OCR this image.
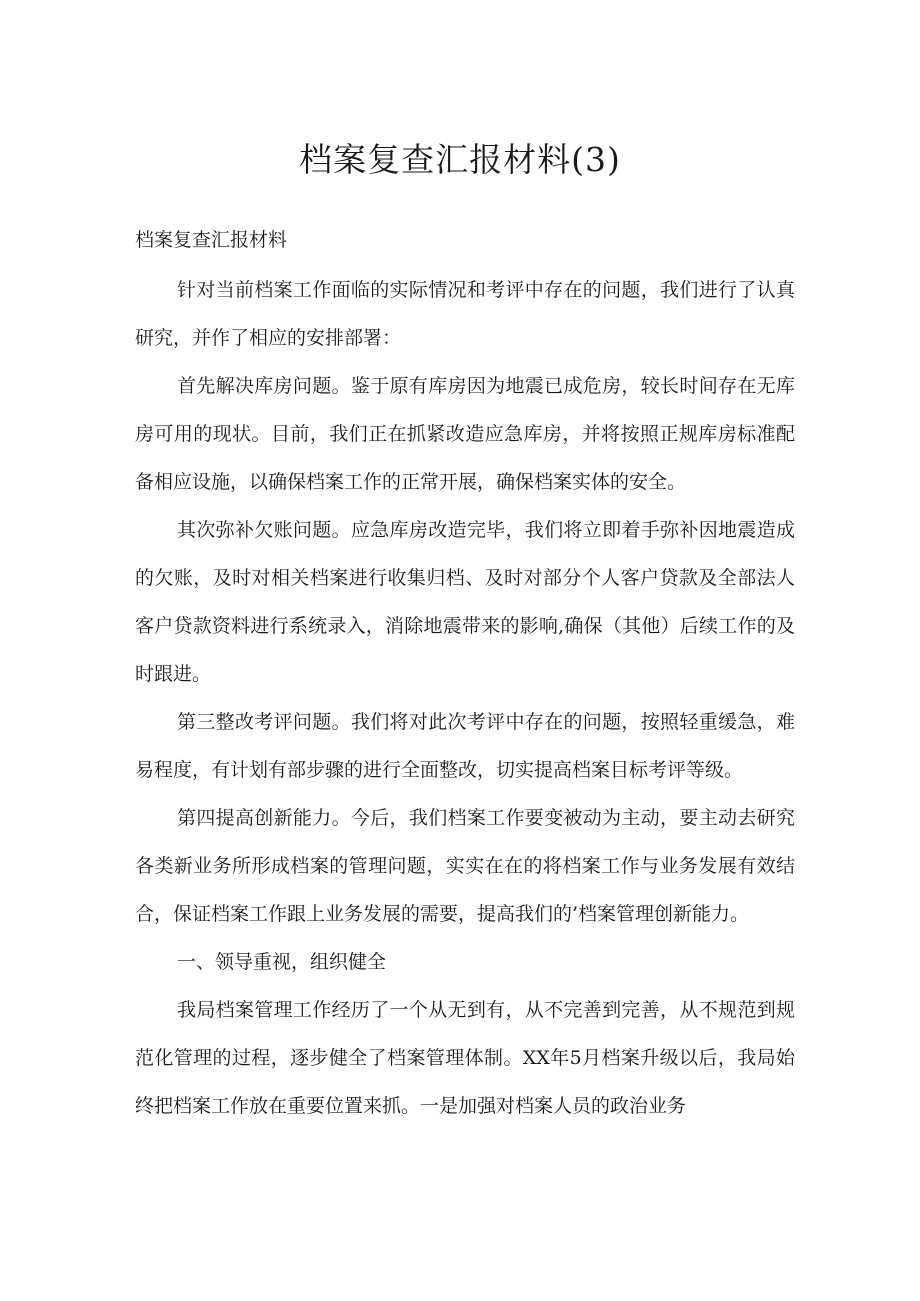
档案复查汇报材料(3)
档案复查汇报材料

针对当前档案工作面临的实际情况和考评中存在的问题，我们进行了认真研究，并作了相应的安排部署：

首先解决库房问题。鉴于原有库房因为地震已成危房，较长时间存在无库房可用的现状。目前，我们正在抓紧改造应急库房，并将按照正规库房标准配备相应设施，以确保档案工作的正常开展，确保档案实体的安全。

其次弥补欠账问题。应急库房改造完毕，我们将立即着手弥补因地震造成的欠账，及时对相关档案进行收集归档、及时对部分个人客户贷款及全部法人客户贷款资料进行系统录入，消除地震带来的影响,确保（其他）后续工作的及时跟进。

第三整改考评问题。我们将对此次考评中存在的问题，按照轻重缓急，难易程度，有计划有部步骤的进行全面整改，切实提高档案目标考评等级。

第四提高创新能力。今后，我们档案工作要变被动为主动，要主动去研究各类新业务所形成档案的管理问题，实实在在的将档案工作与业务发展有效结合，保证档案工作跟上业务发展的需要，提高我们的’档案管理创新能力。

一、领导重视，组织健全

我局档案管理工作经历了一个从无到有，从不完善到完善，从不规范到规范化管理的过程，逐步健全了档案管理体制。XX年5月档案升级以后，我局始终把档案工作放在重要位置来抓。一是加强对档案人员的政治业务
